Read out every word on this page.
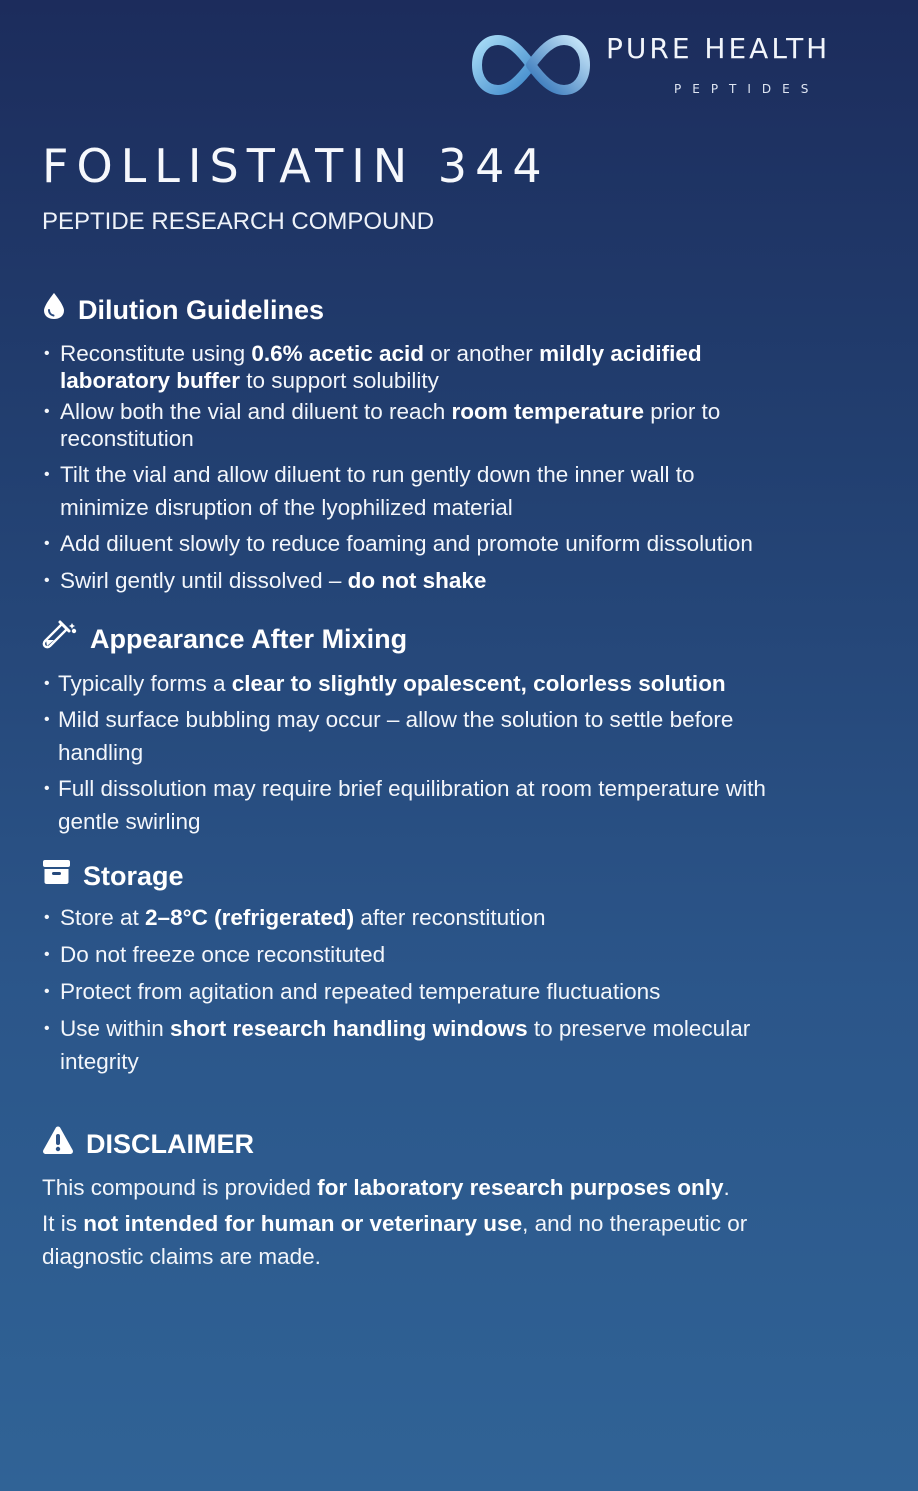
PURE HEALTH
PEPTIDES
FOLLISTATIN 344
PEPTIDE RESEARCH COMPOUND
Dilution Guidelines
• Reconstitute using 0.6% acetic acid or another mildly acidified
laboratory buffer to support solubility
• Allow both the vial and diluent to reach room temperature prior to
reconstitution
• Tilt the vial and allow diluent to run gently down the inner wall to
minimize disruption of the lyophilized material
• Add diluent slowly to reduce foaming and promote uniform dissolution
• Swirl gently until dissolved – do not shake
Appearance After Mixing
• Typically forms a clear to slightly opalescent, colorless solution
• Mild surface bubbling may occur – allow the solution to settle before
handling
• Full dissolution may require brief equilibration at room temperature with
gentle swirling
Storage
• Store at 2–8°C (refrigerated) after reconstitution
• Do not freeze once reconstituted
• Protect from agitation and repeated temperature fluctuations
• Use within short research handling windows to preserve molecular
integrity
DISCLAIMER

This compound is provided for laboratory research purposes only.

It is not intended for human or veterinary use, and no therapeutic or

diagnostic claims are made.
